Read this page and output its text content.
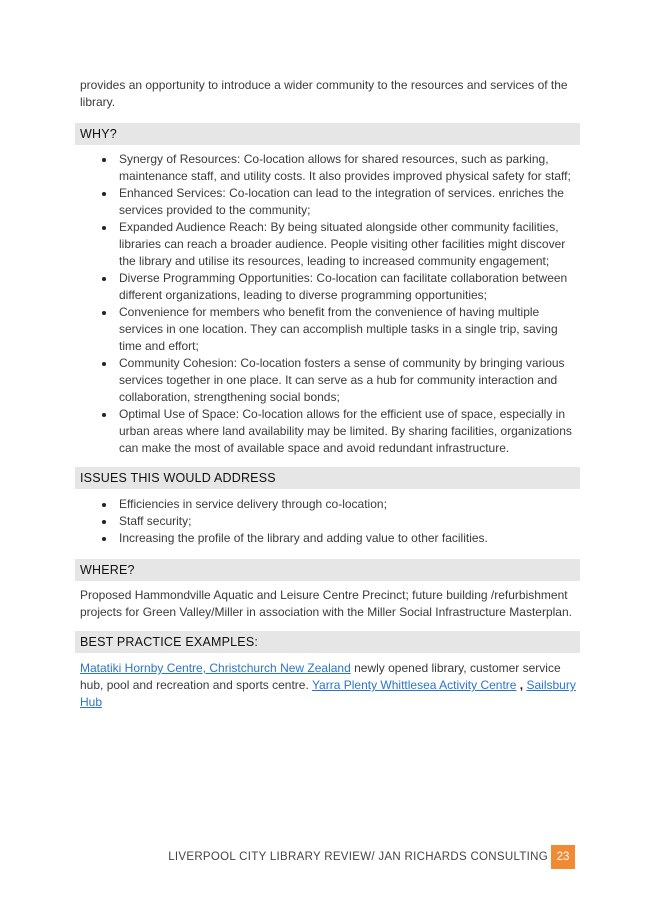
provides an opportunity to introduce a wider community to the resources and services of the library.
WHY?
Synergy of Resources: Co-location allows for shared resources, such as parking, maintenance staff, and utility costs. It also provides improved physical safety for staff;
Enhanced Services: Co-location can lead to the integration of services. enriches the services provided to the community;
Expanded Audience Reach: By being situated alongside other community facilities, libraries can reach a broader audience. People visiting other facilities might discover the library and utilise its resources, leading to increased community engagement;
Diverse Programming Opportunities: Co-location can facilitate collaboration between different organizations, leading to diverse programming opportunities;
Convenience for members who benefit from the convenience of having multiple services in one location. They can accomplish multiple tasks in a single trip, saving time and effort;
Community Cohesion: Co-location fosters a sense of community by bringing various services together in one place. It can serve as a hub for community interaction and collaboration, strengthening social bonds;
Optimal Use of Space: Co-location allows for the efficient use of space, especially in urban areas where land availability may be limited. By sharing facilities, organizations can make the most of available space and avoid redundant infrastructure.
ISSUES THIS WOULD ADDRESS
Efficiencies in service delivery through co-location;
Staff security;
Increasing the profile of the library and adding value to other facilities.
WHERE?
Proposed Hammondville Aquatic and Leisure Centre Precinct; future building /refurbishment projects for Green Valley/Miller in association with the Miller Social Infrastructure Masterplan.
BEST PRACTICE EXAMPLES:
Matatiki Hornby Centre, Christchurch New Zealand newly opened library, customer service hub, pool and recreation and sports centre. Yarra Plenty Whittlesea Activity Centre , Sailsbury Hub
LIVERPOOL CITY LIBRARY REVIEW/ JAN RICHARDS CONSULTING 23
